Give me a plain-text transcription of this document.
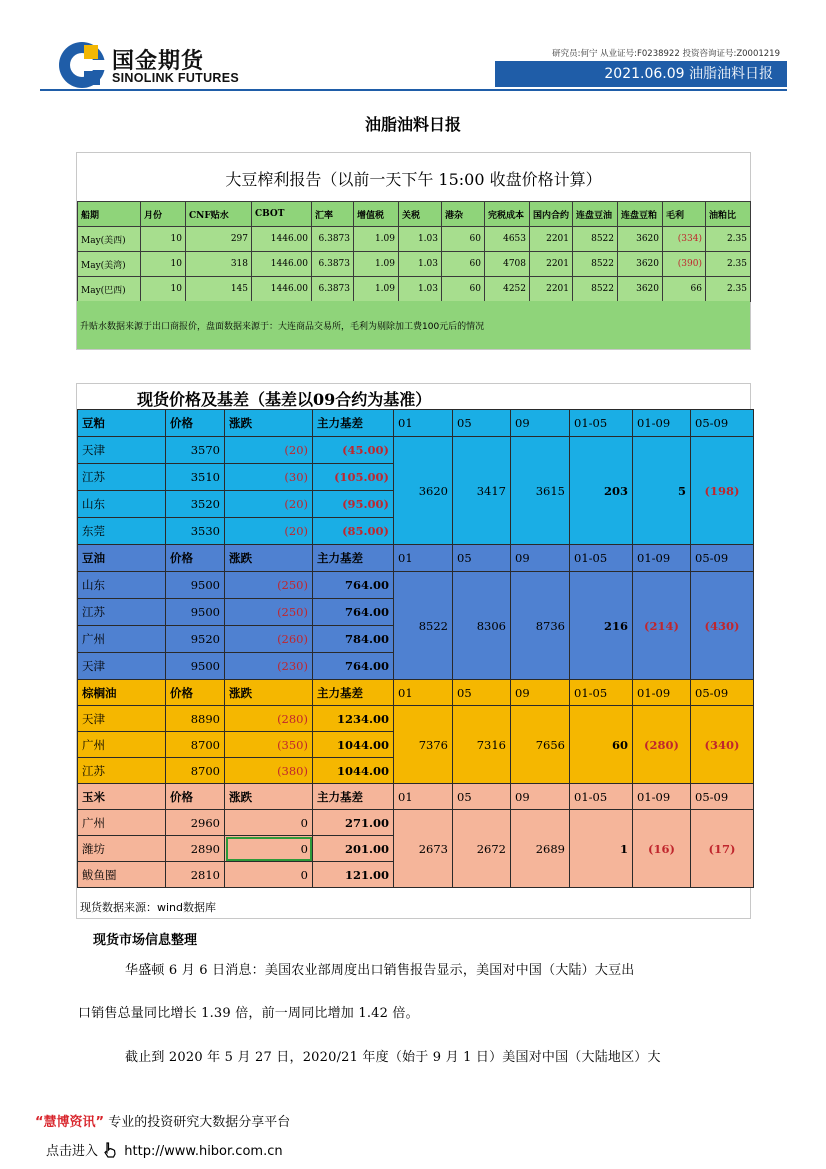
国金期货
SINOLINK FUTURES
研究员:何宁 从业证号:F0238922 投资咨询证号:Z0001219
2021.06.09 油脂油料日报
油脂油料日报
大豆榨利报告（以前一天下午 15:00 收盘价格计算）
船期	月份	CNF贴水	CBOT	汇率	增值税	关税	港杂	完税成本	国内合约	连盘豆油	连盘豆粕	毛利	油粕比
May(美西)	10	297	1446.00	6.3873	1.09	1.03	60	4653	2201	8522	3620	(334)	2.35
May(美湾)	10	318	1446.00	6.3873	1.09	1.03	60	4708	2201	8522	3620	(390)	2.35
May(巴西)	10	145	1446.00	6.3873	1.09	1.03	60	4252	2201	8522	3620	66	2.35
升贴水数据来源于出口商报价，盘面数据来源于：大连商品交易所，毛利为剔除加工费100元后的情况
现货价格及基差（基差以09合约为基准）
豆粕	价格	涨跌	主力基差	01	05	09	01-05	01-09	05-09
天津	3570	(20)	(45.00)	3620	3417	3615	203	5	(198)
江苏	3510	(30)	(105.00)						
山东	3520	(20)	(95.00)						
东莞	3530	(20)	(85.00)						
豆油	价格	涨跌	主力基差	01	05	09	01-05	01-09	05-09
山东	9500	(250)	764.00	8522	8306	8736	216	(214)	(430)
江苏	9500	(250)	764.00						
广州	9520	(260)	784.00						
天津	9500	(230)	764.00						
棕榈油	价格	涨跌	主力基差	01	05	09	01-05	01-09	05-09
天津	8890	(280)	1234.00	7376	7316	7656	60	(280)	(340)
广州	8700	(350)	1044.00						
江苏	8700	(380)	1044.00						
玉米	价格	涨跌	主力基差	01	05	09	01-05	01-09	05-09
广州	2960	0	271.00	2673	2672	2689	1	(16)	(17)
潍坊	2890	0	201.00						
鲅鱼圈	2810	0	121.00						
现货数据来源：wind数据库
现货市场信息整理
华盛顿 6 月 6 日消息：美国农业部周度出口销售报告显示，美国对中国（大陆）大豆出
口销售总量同比增长 1.39 倍，前一周同比增加 1.42 倍。
截止到 2020 年 5 月 27 日，2020/21 年度（始于 9 月 1 日）美国对中国（大陆地区）大
“慧博资讯” 专业的投资研究大数据分享平台
点击进入 http://www.hibor.com.cn
